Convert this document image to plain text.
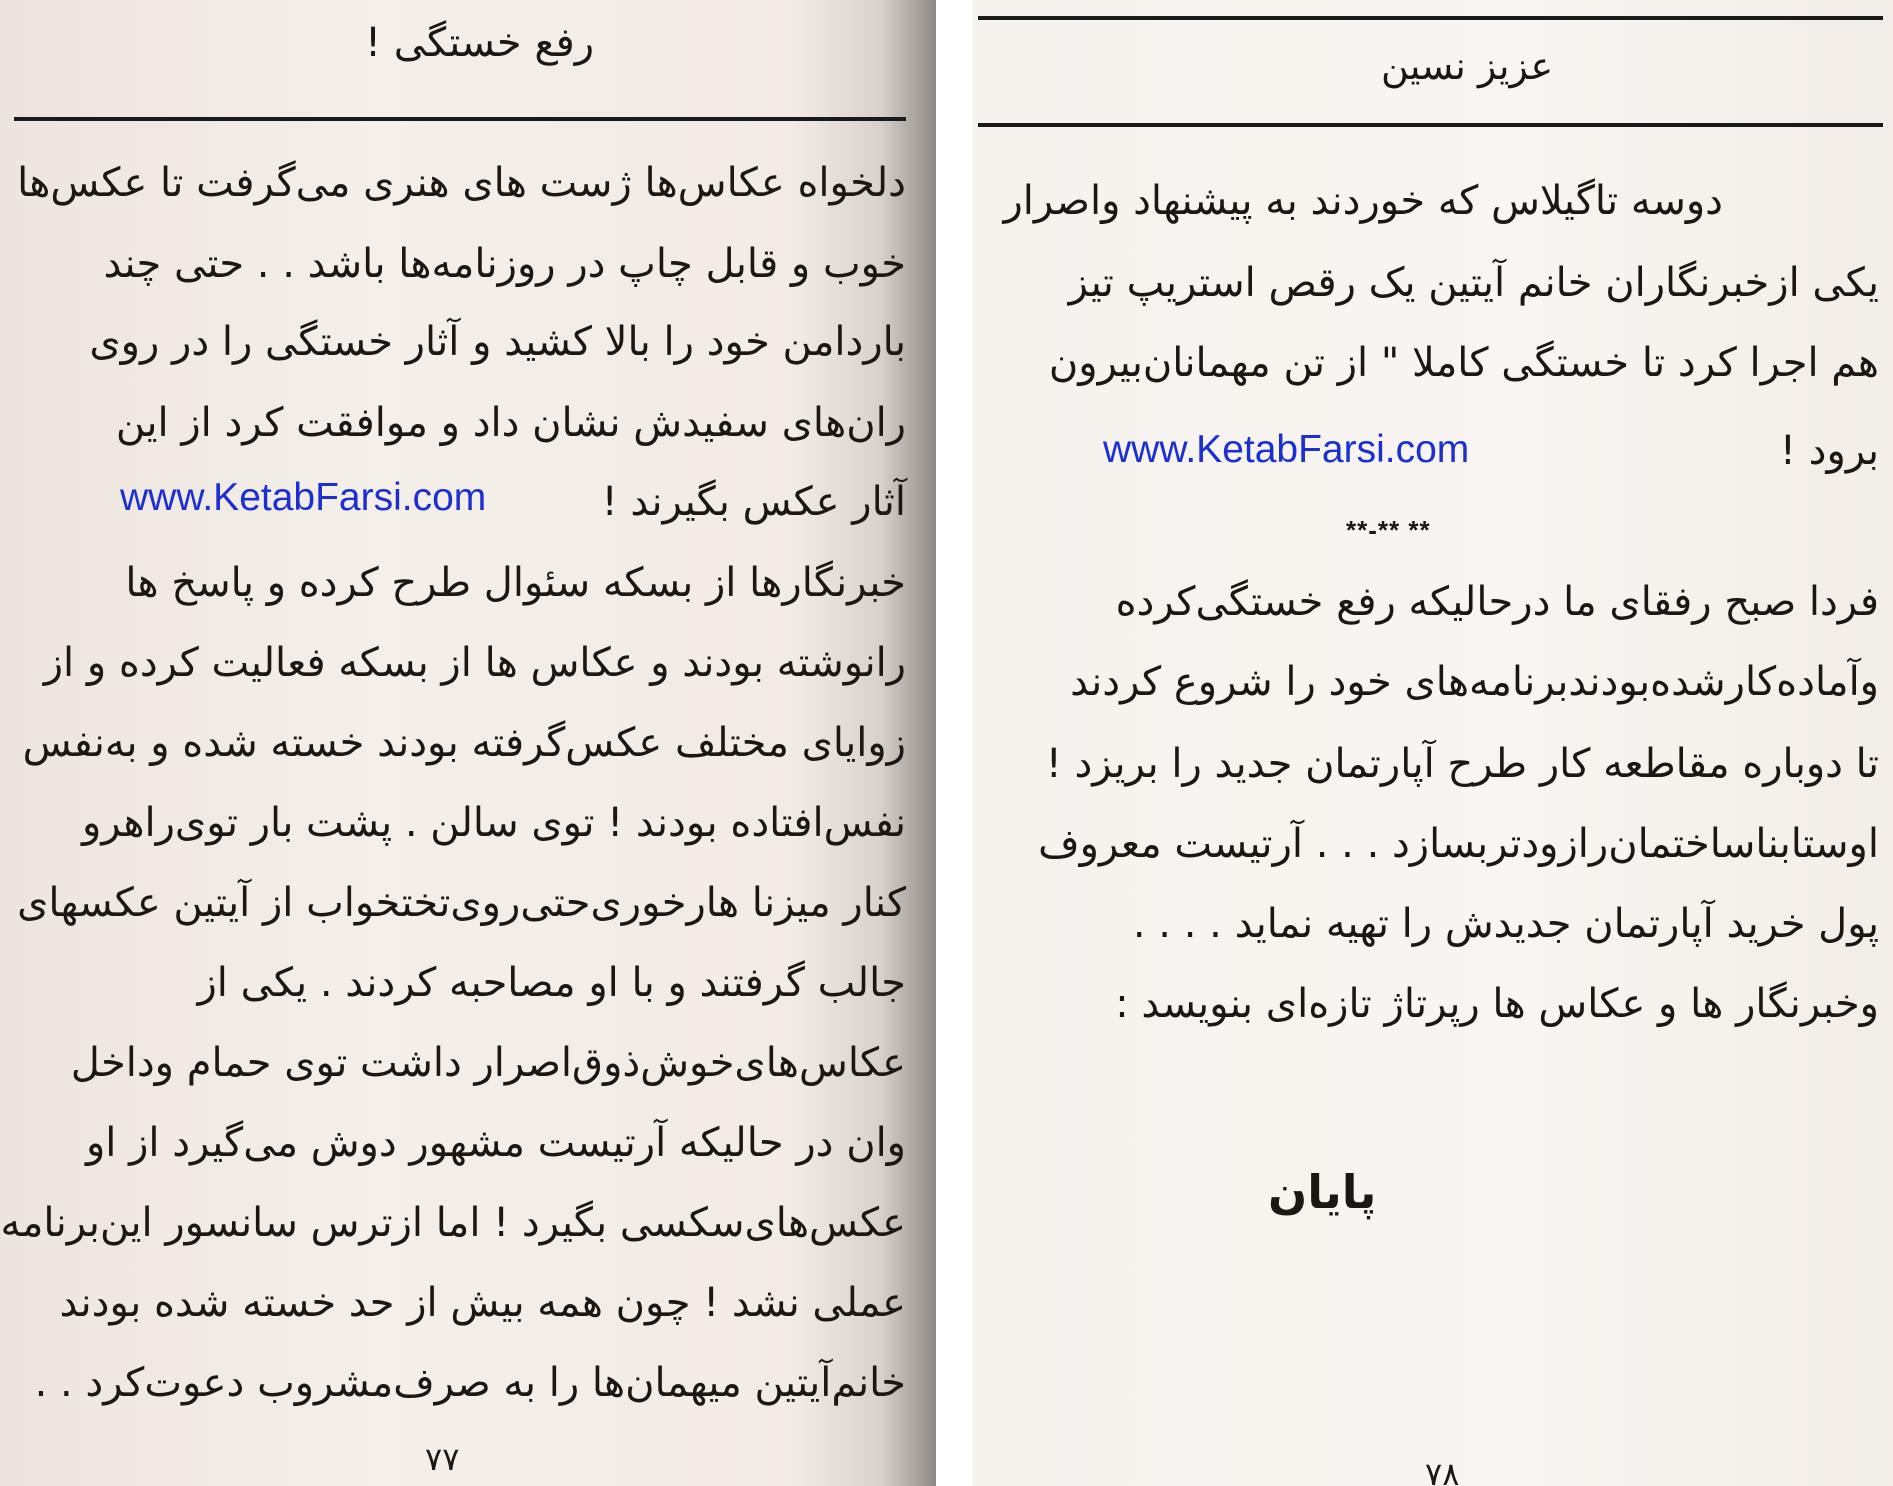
رفع خستگی !
دلخواه عکاس‌ها ژست های هنری می‌گرفت تا عکس‌ها
خوب و قابل چاپ در روزنامه‌ها باشد . . حتی چند
باردامن خود را بالا کشید و آثار خستگی را در روی
ران‌های سفیدش نشان داد و موافقت کرد از این
آثار عکس بگیرند !
www.KetabFarsi.com
خبرنگارها از بسکه سئوال طرح کرده و پاسخ ها
رانوشته بودند و عکاس ها از بسکه فعالیت کرده و از
زوایای مختلف عکس‌گرفته بودند خسته شده و به‌نفس
نفس‌افتاده بودند ! توی سالن . پشت بار توی‌راهرو
کنار میزنا هارخوری‌حتی‌روی‌تختخواب از آیتین عکسهای
جالب گرفتند و با او مصاحبه کردند . یکی از
عکاس‌های‌خوش‌ذوق‌اصرار داشت توی حمام وداخل
وان در حالیکه آرتیست مشهور دوش می‌گیرد از او
عکس‌های‌سکسی بگیرد ! اما ازترس سانسور این‌برنامه
عملی نشد ! چون همه بیش از حد خسته شده بودند
خانم‌آیتین میهمان‌ها را به صرف‌مشروب دعوت‌کرد . .
۷۷
عزیز نسین
دوسه تاگیلاس که خوردند به پیشنهاد واصرار
یکی ازخبرنگاران خانم آیتین یک رقص استریپ تیز
هم اجرا کرد تا خستگی کاملا " از تن مهمانان‌بیرون
برود !
www.KetabFarsi.com
**-** **
فردا صبح رفقای ما درحالیکه رفع خستگی‌کرده
وآماده‌کارشده‌بودندبرنامه‌های خود را شروع کردند
تا دوباره مقاطعه کار طرح آپارتمان جدید را بریزد !
اوستابناساختمان‌رازودتربسازد . . . آرتیست معروف
پول خرید آپارتمان جدیدش را تهیه نماید . . . .
وخبرنگار ها و عکاس ها رپرتاژ تازه‌ای بنویسد :
پایان
۷۸
